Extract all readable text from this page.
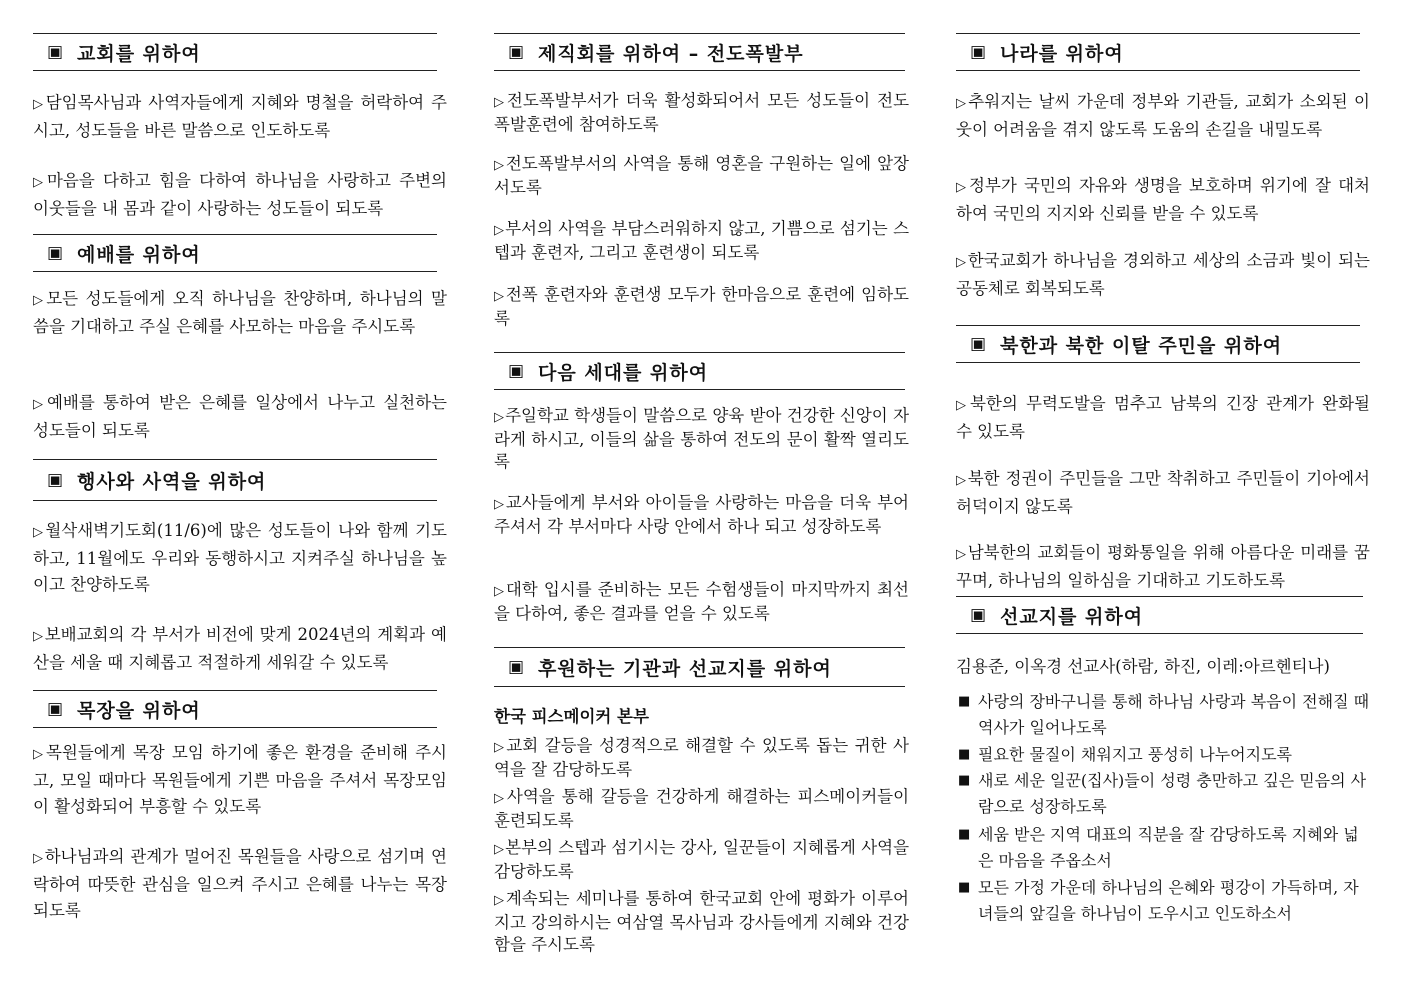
▣ 교회를 위하여
▷담임목사님과 사역자들에게 지혜와 명철을 허락하여 주시고, 성도들을 바른 말씀으로 인도하도록
▷마음을 다하고 힘을 다하여 하나님을 사랑하고 주변의 이웃들을 내 몸과 같이 사랑하는 성도들이 되도록
▣ 예배를 위하여
▷모든 성도들에게 오직 하나님을 찬양하며, 하나님의 말씀을 기대하고 주실 은혜를 사모하는 마음을 주시도록
▷예배를 통하여 받은 은혜를 일상에서 나누고 실천하는 성도들이 되도록
▣ 행사와 사역을 위하여
▷월삭새벽기도회(11/6)에 많은 성도들이 나와 함께 기도하고, 11월에도 우리와 동행하시고 지켜주실 하나님을 높이고 찬양하도록
▷보배교회의 각 부서가 비전에 맞게 2024년의 계획과 예산을 세울 때 지혜롭고 적절하게 세워갈 수 있도록
▣ 목장을 위하여
▷목원들에게 목장 모임 하기에 좋은 환경을 준비해 주시고, 모일 때마다 목원들에게 기쁜 마음을 주셔서 목장모임이 활성화되어 부흥할 수 있도록
▷하나님과의 관계가 멀어진 목원들을 사랑으로 섬기며 연락하여 따뜻한 관심을 일으켜 주시고 은혜를 나누는 목장 되도록
▣ 제직회를 위하여 – 전도폭발부
▷전도폭발부서가 더욱 활성화되어서 모든 성도들이 전도폭발훈련에 참여하도록
▷전도폭발부서의 사역을 통해 영혼을 구원하는 일에 앞장서도록
▷부서의 사역을 부담스러워하지 않고, 기쁨으로 섬기는 스텝과 훈련자, 그리고 훈련생이 되도록
▷전폭 훈련자와 훈련생 모두가 한마음으로 훈련에 임하도록
▣ 다음 세대를 위하여
▷주일학교 학생들이 말씀으로 양육 받아 건강한 신앙이 자라게 하시고, 이들의 삶을 통하여 전도의 문이 활짝 열리도록
▷교사들에게 부서와 아이들을 사랑하는 마음을 더욱 부어 주셔서 각 부서마다 사랑 안에서 하나 되고 성장하도록
▷대학 입시를 준비하는 모든 수험생들이 마지막까지 최선을 다하여, 좋은 결과를 얻을 수 있도록
▣ 후원하는 기관과 선교지를 위하여
한국 피스메이커 본부
▷교회 갈등을 성경적으로 해결할 수 있도록 돕는 귀한 사역을 잘 감당하도록
▷사역을 통해 갈등을 건강하게 해결하는 피스메이커들이 훈련되도록
▷본부의 스텝과 섬기시는 강사, 일꾼들이 지혜롭게 사역을 감당하도록
▷계속되는 세미나를 통하여 한국교회 안에 평화가 이루어지고 강의하시는 여삼열 목사님과 강사들에게 지혜와 건강함을 주시도록
▣ 나라를 위하여
▷추워지는 날씨 가운데 정부와 기관들, 교회가 소외된 이웃이 어려움을 겪지 않도록 도움의 손길을 내밀도록
▷정부가 국민의 자유와 생명을 보호하며 위기에 잘 대처하여 국민의 지지와 신뢰를 받을 수 있도록
▷한국교회가 하나님을 경외하고 세상의 소금과 빛이 되는 공동체로 회복되도록
▣ 북한과 북한 이탈 주민을 위하여
▷북한의 무력도발을 멈추고 남북의 긴장 관계가 완화될 수 있도록
▷북한 정권이 주민들을 그만 착취하고 주민들이 기아에서 허덕이지 않도록
▷남북한의 교회들이 평화통일을 위해 아름다운 미래를 꿈꾸며, 하나님의 일하심을 기대하고 기도하도록
▣ 선교지를 위하여
김용준, 이옥경 선교사(하람, 하진, 이레:아르헨티나)
■ 사랑의 장바구니를 통해 하나님 사랑과 복음이 전해질 때 역사가 일어나도록
■ 필요한 물질이 채워지고 풍성히 나누어지도록
■ 새로 세운 일꾼(집사)들이 성령 충만하고 깊은 믿음의 사람으로 성장하도록
■ 세움 받은 지역 대표의 직분을 잘 감당하도록 지혜와 넓은 마음을 주옵소서
■ 모든 가정 가운데 하나님의 은혜와 평강이 가득하며, 자녀들의 앞길을 하나님이 도우시고 인도하소서
